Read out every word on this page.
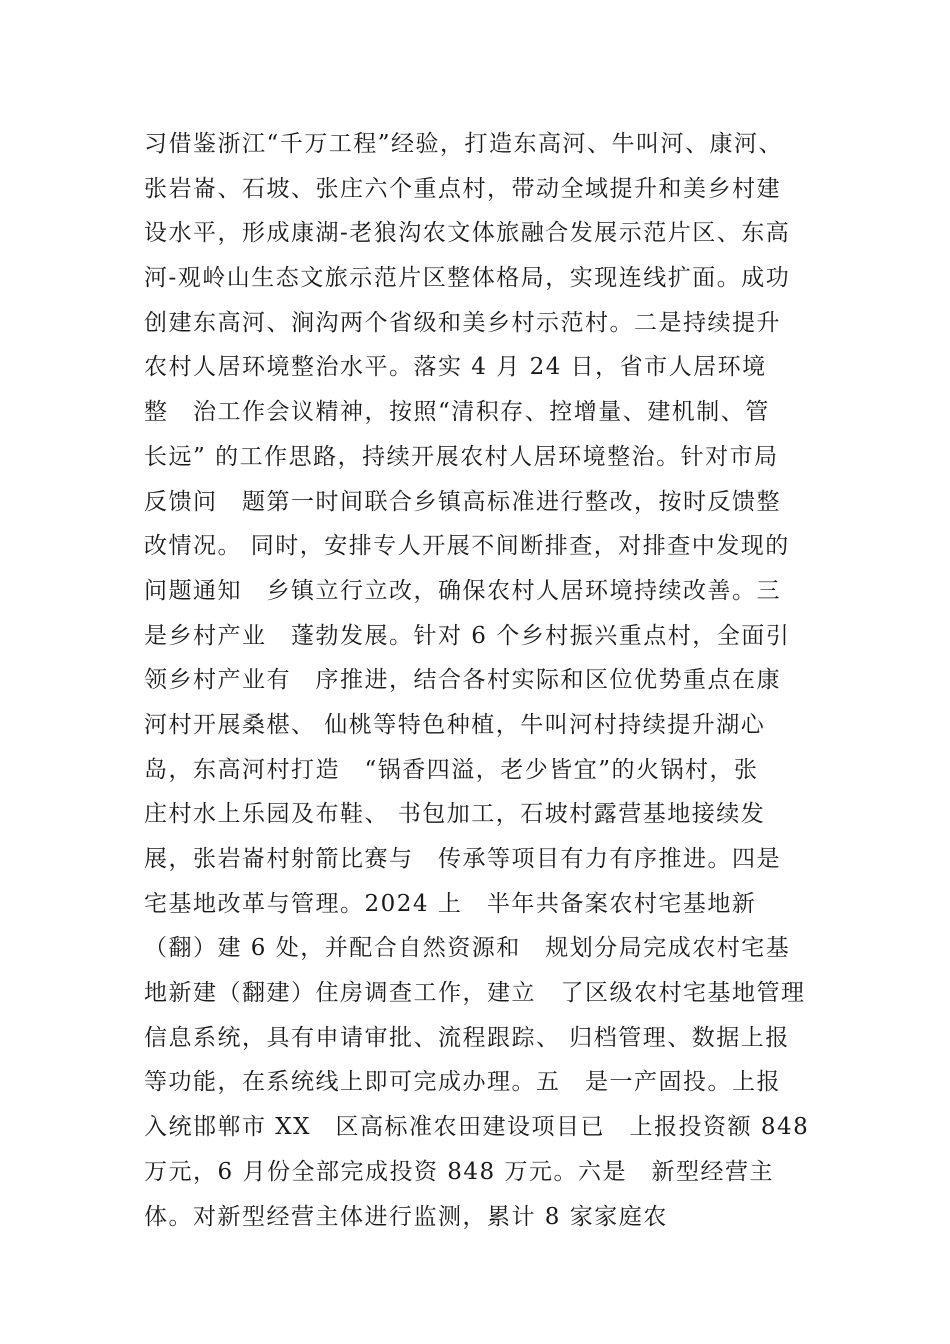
习借鉴浙江“千万工程”经验，打造东高河、牛叫河、康河、
张岩崙、石坡、张庄六个重点村，带动全域提升和美乡村建
设水平，形成康湖-老狼沟农文体旅融合发展示范片区、东高
河-观岭山生态文旅示范片区整体格局，实现连线扩面。成功
创建东高河、涧沟两个省级和美乡村示范村。二是持续提升
农村人居环境整治水平。落实 4 月 24 日，省市人居环境
整　治工作会议精神，按照“清积存、控增量、建机制、管
长远” 的工作思路，持续开展农村人居环境整治。针对市局
反馈问　题第一时间联合乡镇高标准进行整改，按时反馈整
改情况。 同时，安排专人开展不间断排查，对排查中发现的
问题通知　乡镇立行立改，确保农村人居环境持续改善。三
是乡村产业　蓬勃发展。针对 6 个乡村振兴重点村，全面引
领乡村产业有　序推进，结合各村实际和区位优势重点在康
河村开展桑椹、 仙桃等特色种植，牛叫河村持续提升湖心
岛，东高河村打造　“锅香四溢，老少皆宜”的火锅村，张
庄村水上乐园及布鞋、 书包加工，石坡村露营基地接续发
展，张岩崙村射箭比赛与　传承等项目有力有序推进。四是
宅基地改革与管理。2024 上　半年共备案农村宅基地新
（翻）建 6 处，并配合自然资源和　规划分局完成农村宅基
地新建（翻建）住房调查工作，建立　了区级农村宅基地管理
信息系统，具有申请审批、流程跟踪、 归档管理、数据上报
等功能，在系统线上即可完成办理。五　是一产固投。上报
入统邯郸市 XX　区高标准农田建设项目已　上报投资额 848
万元，6 月份全部完成投资 848 万元。六是　新型经营主
体。对新型经营主体进行监测，累计 8 家家庭农
